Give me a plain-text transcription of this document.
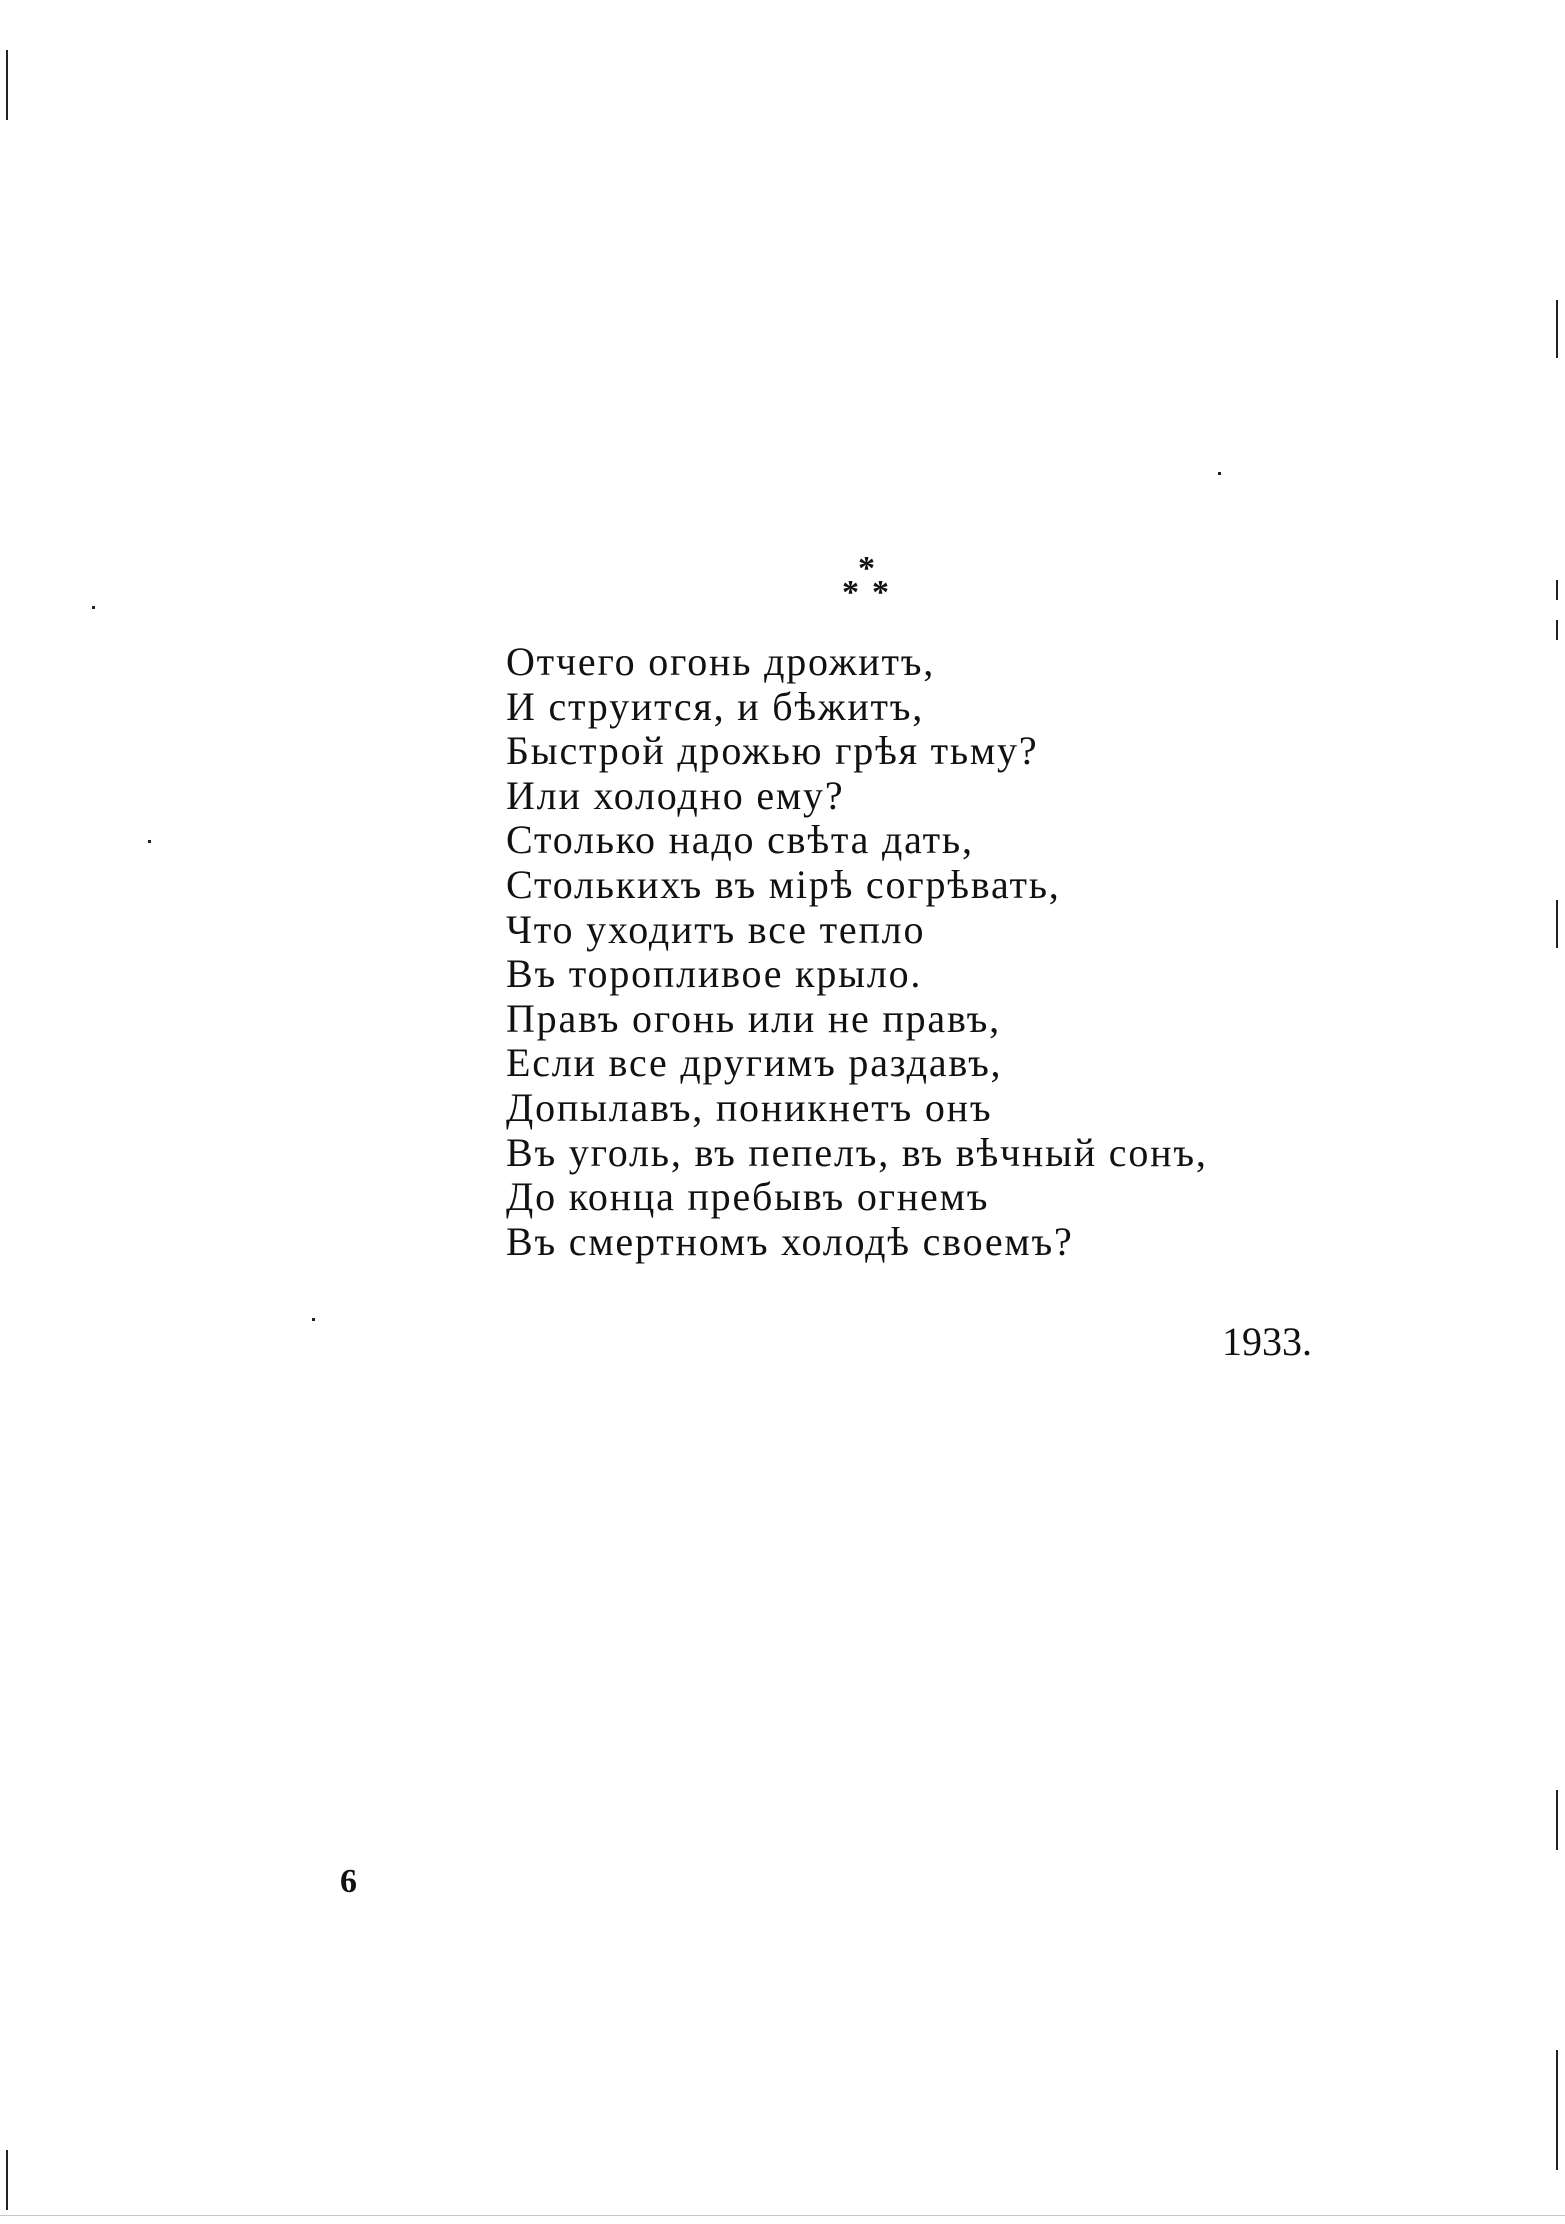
*
* *
Отчего огонь дрожитъ,
И струится, и бѣжитъ,
Быстрой дрожью грѣя тьму?
Или холодно ему?
Столько надо свѣта дать,
Столькихъ въ мірѣ согрѣвать,
Что уходитъ все тепло
Въ торопливое крыло.
Правъ огонь или не правъ,
Если все другимъ раздавъ,
Допылавъ, поникнетъ онъ
Въ уголь, въ пепелъ, въ вѣчный сонъ,
До конца пребывъ огнемъ
Въ смертномъ холодѣ своемъ?
1933.
6
